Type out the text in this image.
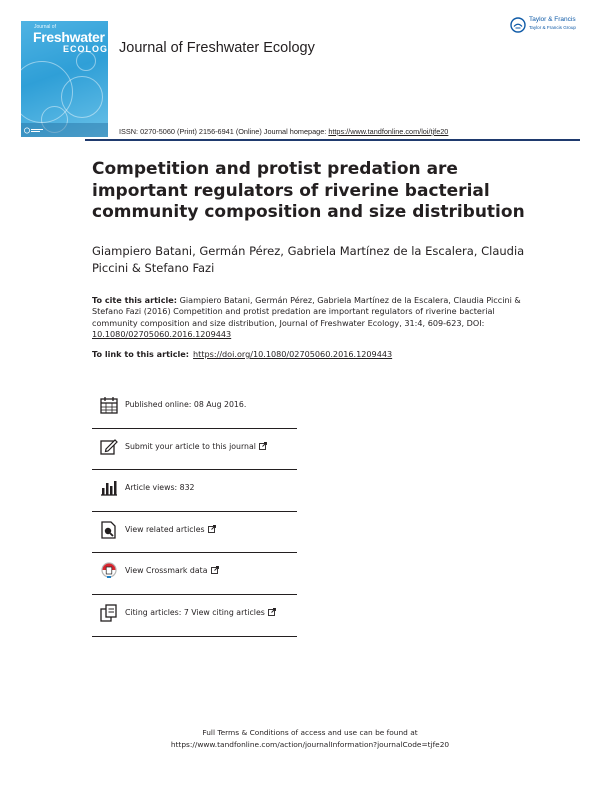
Journal of
Freshwater
ECOLOGY Journal of Freshwater Ecology
ISSN: 0270-5060 (Print) 2156-6941 (Online) Journal homepage: https://www.tandfonline.com/loi/tjfe20
Taylor & Francis
Taylor & Francis Group
Competition and protist predation are important regulators of riverine bacterial community composition and size distribution

Giampiero Batani, Germán Pérez, Gabriela Martínez de la Escalera, Claudia Piccini & Stefano Fazi

To cite this article: Giampiero Batani, Germán Pérez, Gabriela Martínez de la Escalera, Claudia Piccini & Stefano Fazi (2016) Competition and protist predation are important regulators of riverine bacterial community composition and size distribution, Journal of Freshwater Ecology, 31:4, 609-623, DOI: 10.1080/02705060.2016.1209443

To link to this article: https://doi.org/10.1080/02705060.2016.1209443
Published online: 08 Aug 2016.
Submit your article to this journal
Article views: 832
View related articles
View Crossmark data
Citing articles: 7 View citing articles
Full Terms & Conditions of access and use can be found at
https://www.tandfonline.com/action/journalInformation?journalCode=tjfe20
